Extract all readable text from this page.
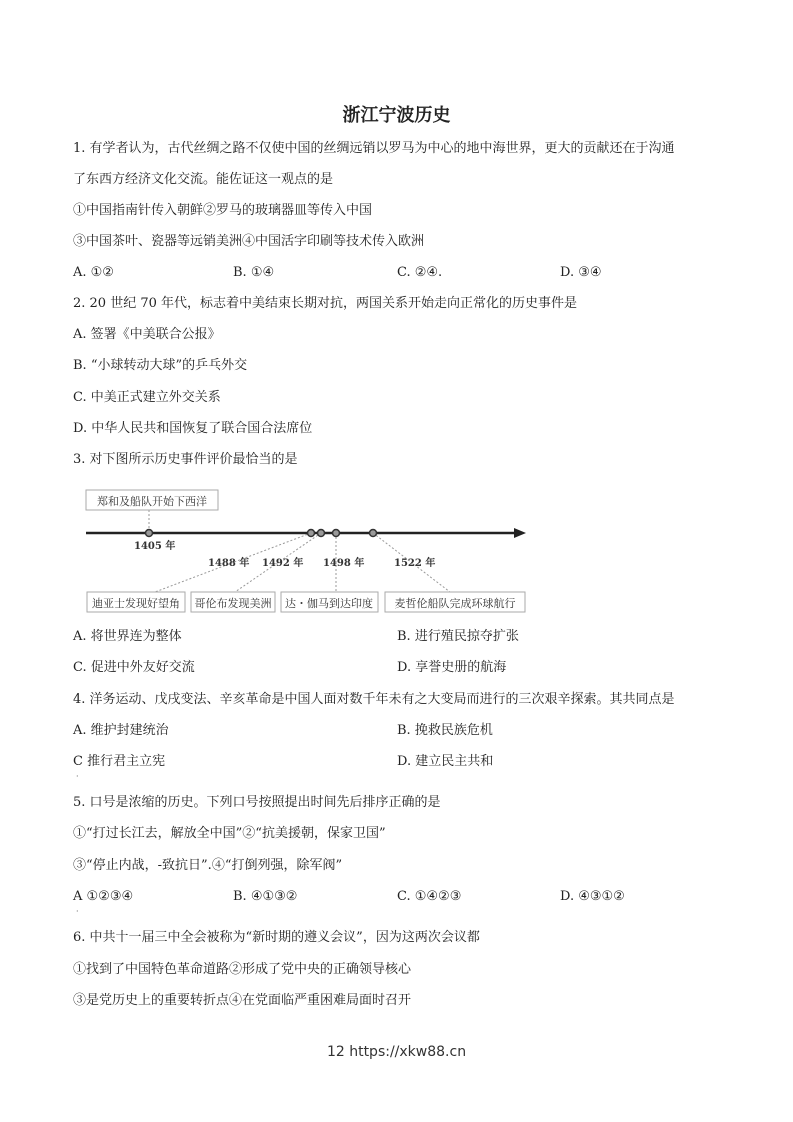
浙江宁波历史
1. 有学者认为，古代丝绸之路不仅使中国的丝绸远销以罗马为中心的地中海世界，更大的贡献还在于沟通
了东西方经济文化交流。能佐证这一观点的是
①中国指南针传入朝鲜②罗马的玻璃器皿等传入中国
③中国茶叶、瓷器等远销美洲④中国活字印刷等技术传入欧洲
A. ①②	B. ①④	C. ②④.	D. ③④
2. 20 世纪 70 年代，标志着中美结束长期对抗，两国关系开始走向正常化的历史事件是
A. 签署《中美联合公报》
B. “小球转动大球”的乒乓外交
C. 中美正式建立外交关系
D. 中华人民共和国恢复了联合国合法席位
3. 对下图所示历史事件评价最恰当的是
郑和及船队开始下西洋
1405 年
1488 年 1492 年 1498 年	1522 年
迪亚士发现好望角 哥伦布发现美洲 达・伽马到达印度 麦哲伦船队完成环球航行
A. 将世界连为整体	B. 进行殖民掠夺扩张
C. 促进中外友好交流	D. 享誉史册的航海
4. 洋务运动、戊戌变法、辛亥革命是中国人面对数千年未有之大变局而进行的三次艰辛探索。其共同点是
A. 维护封建统治	B. 挽救民族危机
C 推行君主立宪	D. 建立民主共和
·
5. 口号是浓缩的历史。下列口号按照提出时间先后排序正确的是
①“打过长江去，解放全中国”②“抗美援朝，保家卫国”
③“停止内战，-致抗日”.④“打倒列强，除军阀”
A ①②③④	B. ④①③②	C. ①④②③	D. ④③①②
·
6. 中共十一届三中全会被称为“新时期的遵义会议”，因为这两次会议都
①找到了中国特色革命道路②形成了党中央的正确领导核心
③是党历史上的重要转折点④在党面临严重困难局面时召开
12 https://xkw88.cn
